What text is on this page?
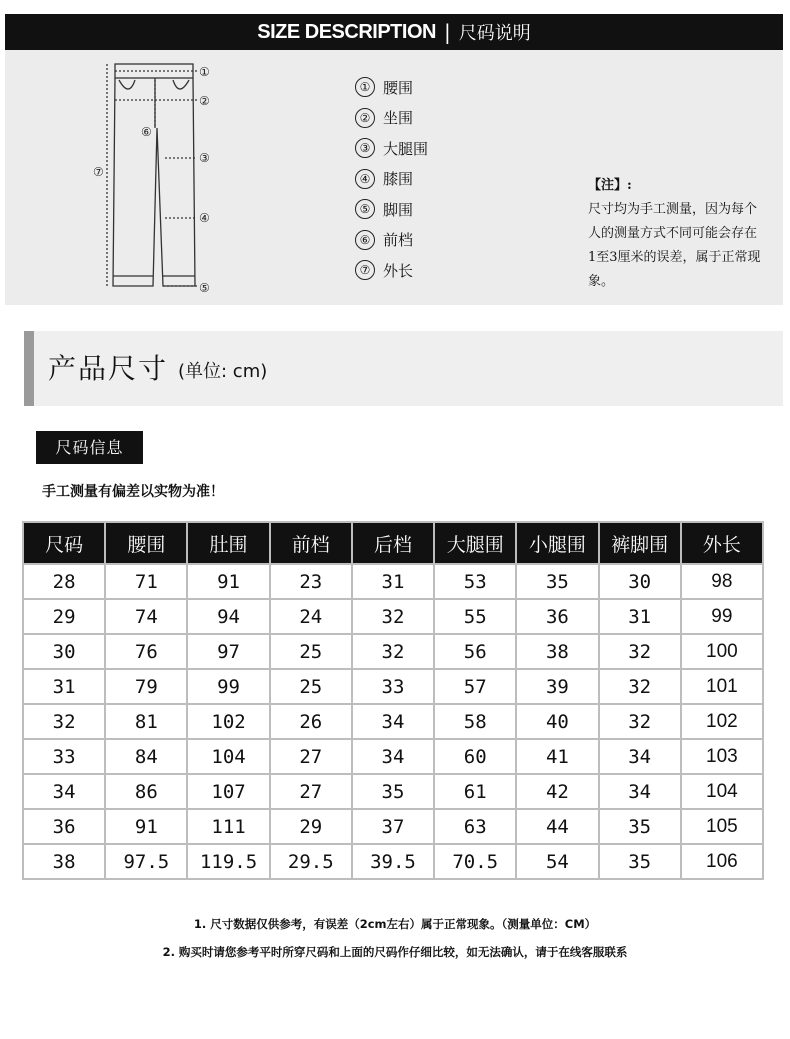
SIZE DESCRIPTION | 尺码说明
①
②
③
④
⑤
⑥
⑦
① 腰围
② 坐围
③ 大腿围
④ 膝围
⑤ 脚围
⑥ 前档
⑦ 外长
【注】:
尺寸均为手工测量，因为每个
人的测量方式不同可能会存在
1至3厘米的误差，属于正常现
象。
产品尺寸 (单位: cm)
尺码信息
手工测量有偏差以实物为准！
尺码	腰围	肚围	前档	后档	大腿围	小腿围	裤脚围	外长
28	71	91	23	31	53	35	30	98
29	74	94	24	32	55	36	31	99
30	76	97	25	32	56	38	32	100
31	79	99	25	33	57	39	32	101
32	81	102	26	34	58	40	32	102
33	84	104	27	34	60	41	34	103
34	86	107	27	35	61	42	34	104
36	91	111	29	37	63	44	35	105
38	97.5	119.5	29.5	39.5	70.5	54	35	106
1. 尺寸数据仅供参考，有误差（2cm左右）属于正常现象。（测量单位：CM）
2. 购买时请您参考平时所穿尺码和上面的尺码作仔细比较，如无法确认，请于在线客服联系
